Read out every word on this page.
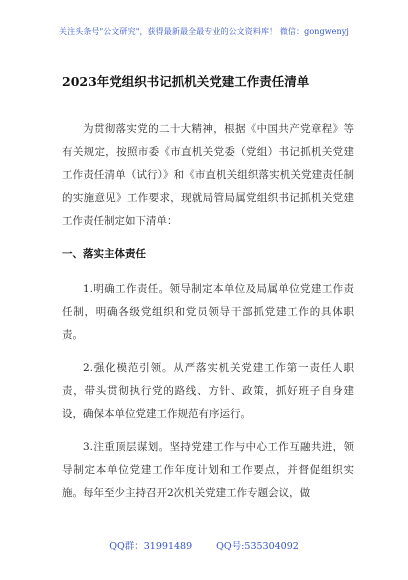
关注头条号"公文研究"，获得最新最全最专业的公文资料库！ 微信：gongwenyj
2023年党组织书记抓机关党建工作责任清单

为贯彻落实党的二十大精神，根据《中国共产党章程》等有关规定，按照市委《市直机关党委（党组）书记抓机关党建工作责任清单（试行）》和《市直机关组织落实机关党建责任制的实施意见》工作要求，现就局管局属党组织书记抓机关党建工作责任制定如下清单：

一、落实主体责任

1.明确工作责任。领导制定本单位及局属单位党建工作责任制，明确各级党组织和党员领导干部抓党建工作的具体职责。

2.强化模范引领。从严落实机关党建工作第一责任人职责，带头贯彻执行党的路线、方针、政策，抓好班子自身建设，确保本单位党建工作规范有序运行。

3.注重顶层谋划。坚持党建工作与中心工作互融共进，领导制定本单位党建工作年度计划和工作要点，并督促组织实施。每年至少主持召开2次机关党建工作专题会议，做

QQ群：31991489	QQ号:535304092
